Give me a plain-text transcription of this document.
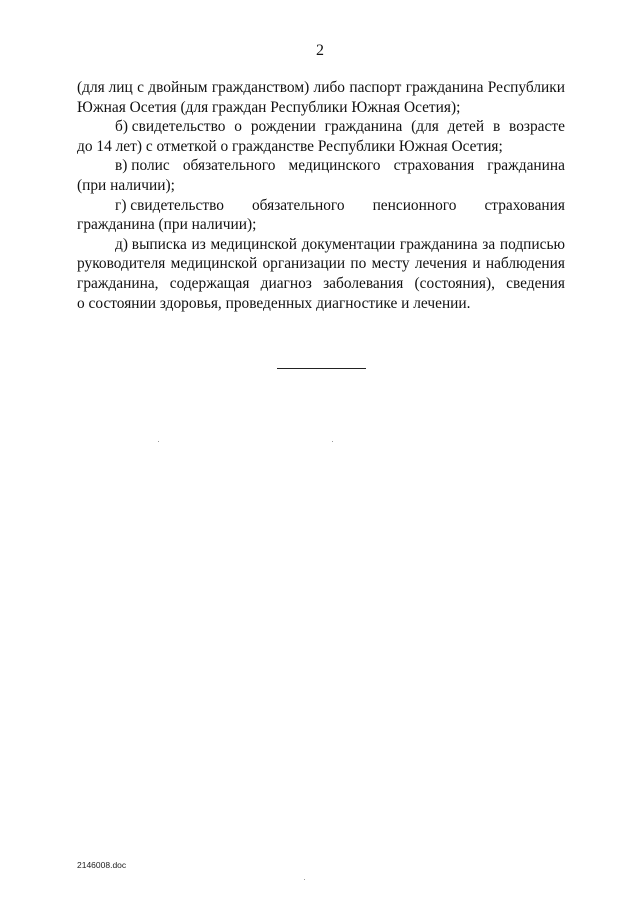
2
(для лиц с двойным гражданством) либо паспорт гражданина Республики
Южная Осетия (для граждан Республики Южная Осетия);
б) свидетельство о рождении гражданина (для детей в возрасте
до 14 лет) с отметкой о гражданстве Республики Южная Осетия;
в) полис обязательного медицинского страхования гражданина
(при наличии);
г) свидетельство обязательного пенсионного страхования
гражданина (при наличии);
д) выписка из медицинской документации гражданина за подписью
руководителя медицинской организации по месту лечения и наблюдения
гражданина, содержащая диагноз заболевания (состояния), сведения
о состоянии здоровья, проведенных диагностике и лечении.
2146008.doc
